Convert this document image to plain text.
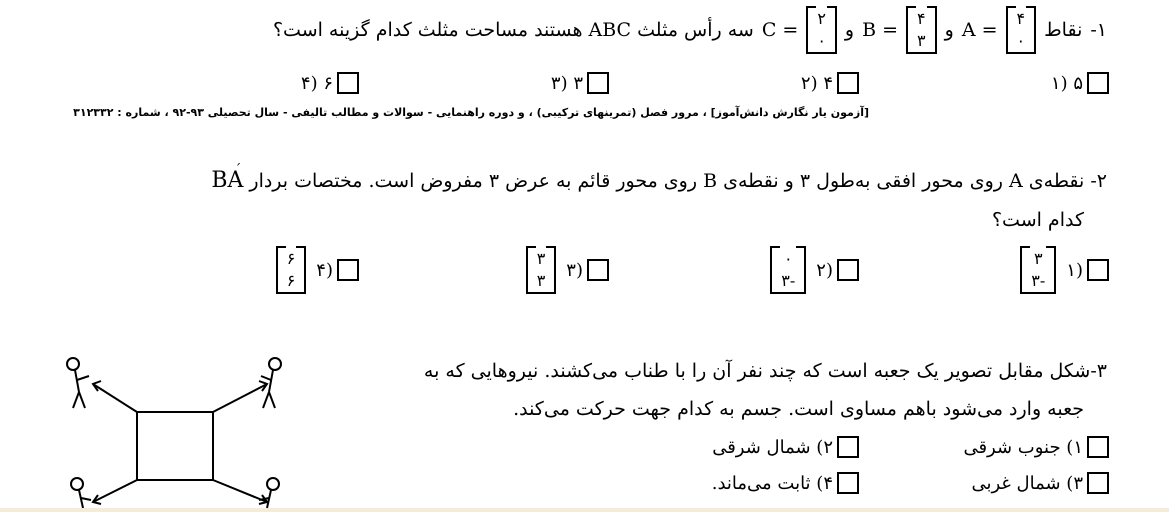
۱-
نقاط
۴
۰
A =
و
۴
۳
B =
و
۲
۰
C =
سه رأس مثلث ABC هستند مساحت مثلث کدام گزینه است؟
۵ (۱
۴ (۲
۳ (۳
۶ (۴
[آزمون یار نگارش دانش‌آموز] ، مرور فصل (تمرینهای ترکیبی) ، و دوره راهنمایی - سوالات و مطالب تالیفی - سال تحصیلی ۹۳-۹۲ ، شماره : ۳۱۲۳۳۲
۲- نقطه‌ی A روی محور افقی به‌طول ۳ و نقطه‌ی B روی محور قائم به عرض ۳ مفروض است. مختصات بردار
BA
کدام است؟
(۱
۳
-۳
(۲
۰
-۳
(۳
۳
۳
(۴
۶
۶
۳-شکل مقابل تصویر یک جعبه است که چند نفر آن را با طناب می‌کشند. نیروهایی که به
جعبه وارد می‌شود باهم مساوی است. جسم به کدام جهت حرکت می‌کند.
۱) جنوب شرقی
۲) شمال شرقی
۳) شمال غربی
۴) ثابت می‌ماند.
